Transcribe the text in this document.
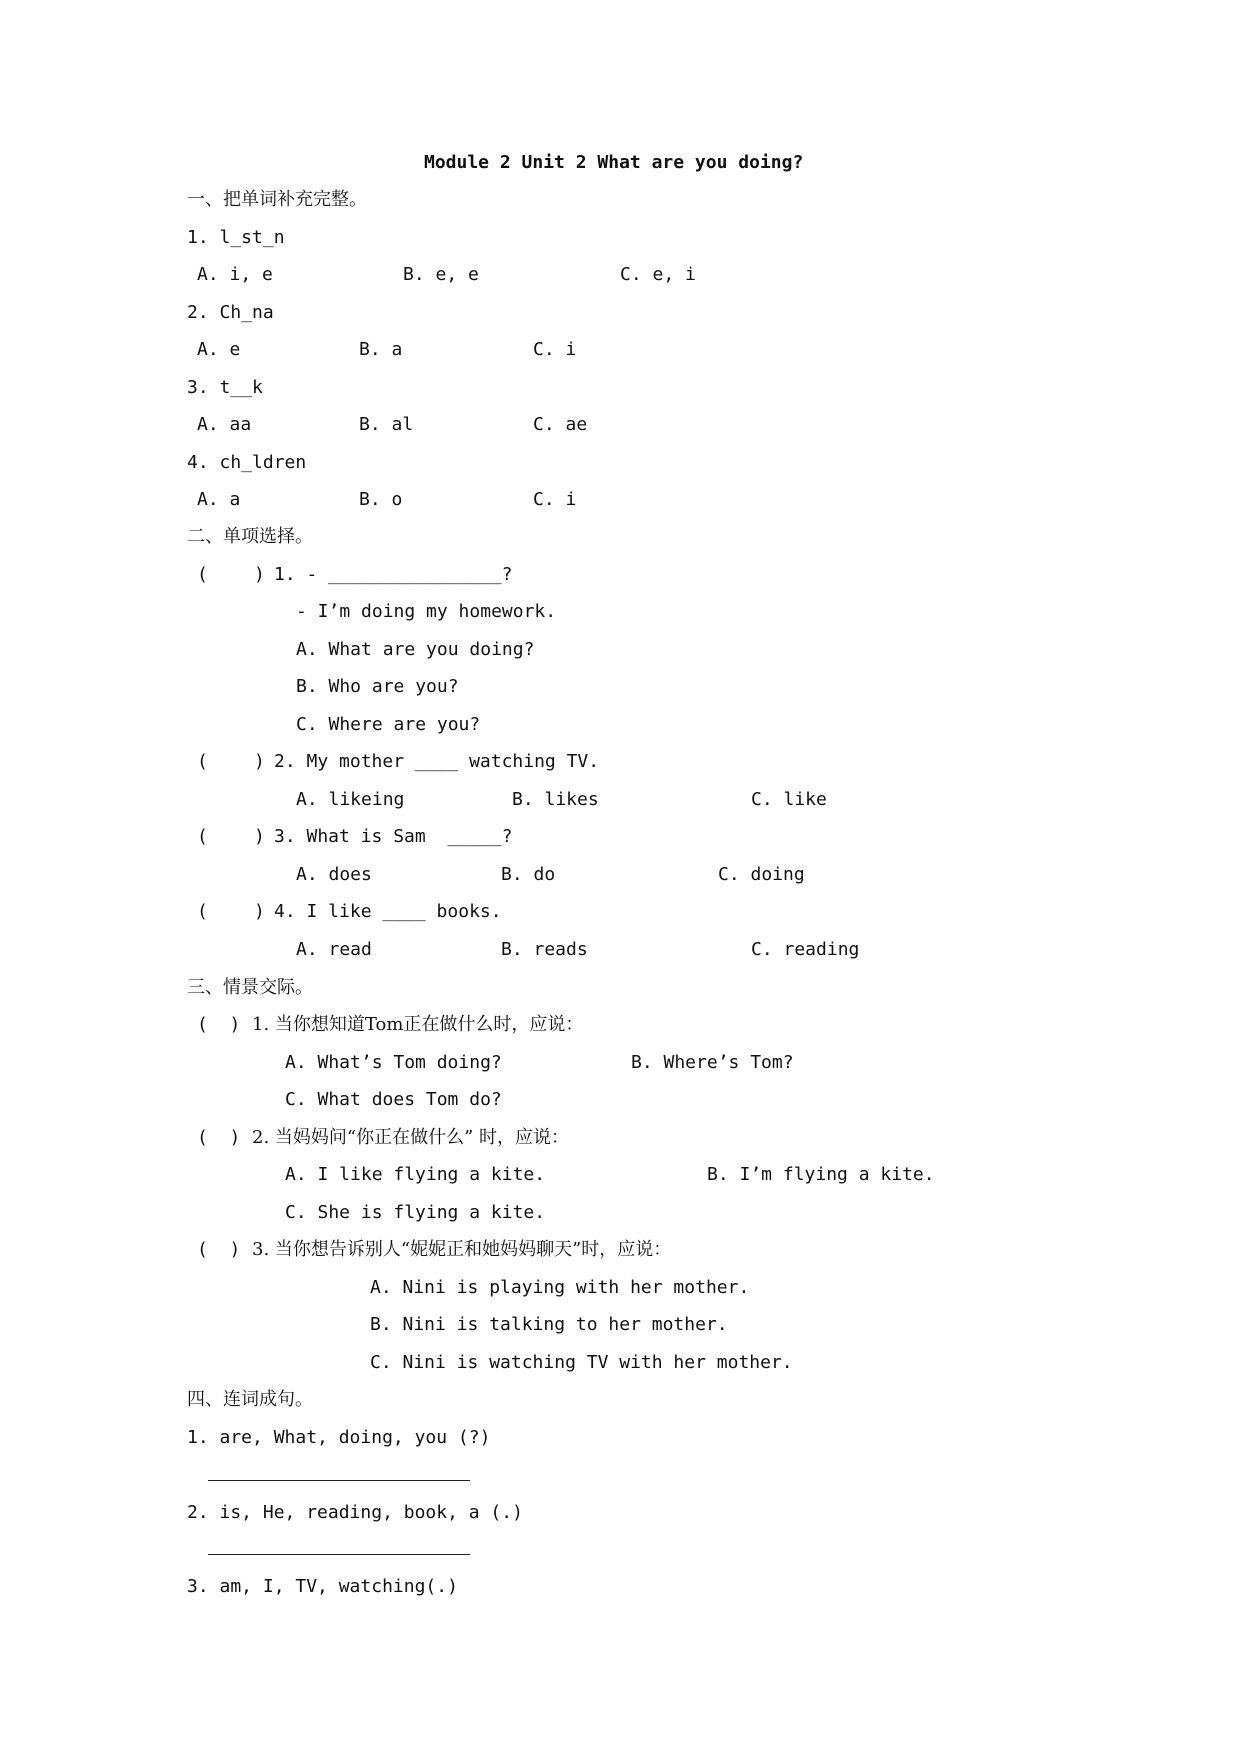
Module 2 Unit 2 What are you doing?
一、把单词补充完整。
1. l_st_n
A. i, e	B. e, e	C. e, i
2. Ch_na
A. e	B. a	C. i
3. t__k
A. aa	B. al	C. ae
4. ch_ldren
A. a	B. o	C. i
二、单项选择。
(	) 1. - ________________?
- I’m doing my homework.
A. What are you doing?
B. Who are you?
C. Where are you?
(	) 2. My mother ____ watching TV.
A. likeing	B. likes	C. like
(	) 3. What is Sam  _____?
A. does	B. do	C. doing
(	) 4. I like ____ books.
A. read	B. reads	C. reading
三、情景交际。
(  ) 1. 当你想知道Tom正在做什么时，应说：
A. What’s Tom doing?	B. Where’s Tom?
C. What does Tom do?
(  ) 2. 当妈妈问“你正在做什么” 时，应说：
A. I like flying a kite.	B. I’m flying a kite.
C. She is flying a kite.
(  ) 3. 当你想告诉别人“妮妮正和她妈妈聊天”时，应说：
A. Nini is playing with her mother.
B. Nini is talking to her mother.
C. Nini is watching TV with her mother.
四、连词成句。
1. are, What, doing, you (?)
2. is, He, reading, book, a (.)
3. am, I, TV, watching(.)
